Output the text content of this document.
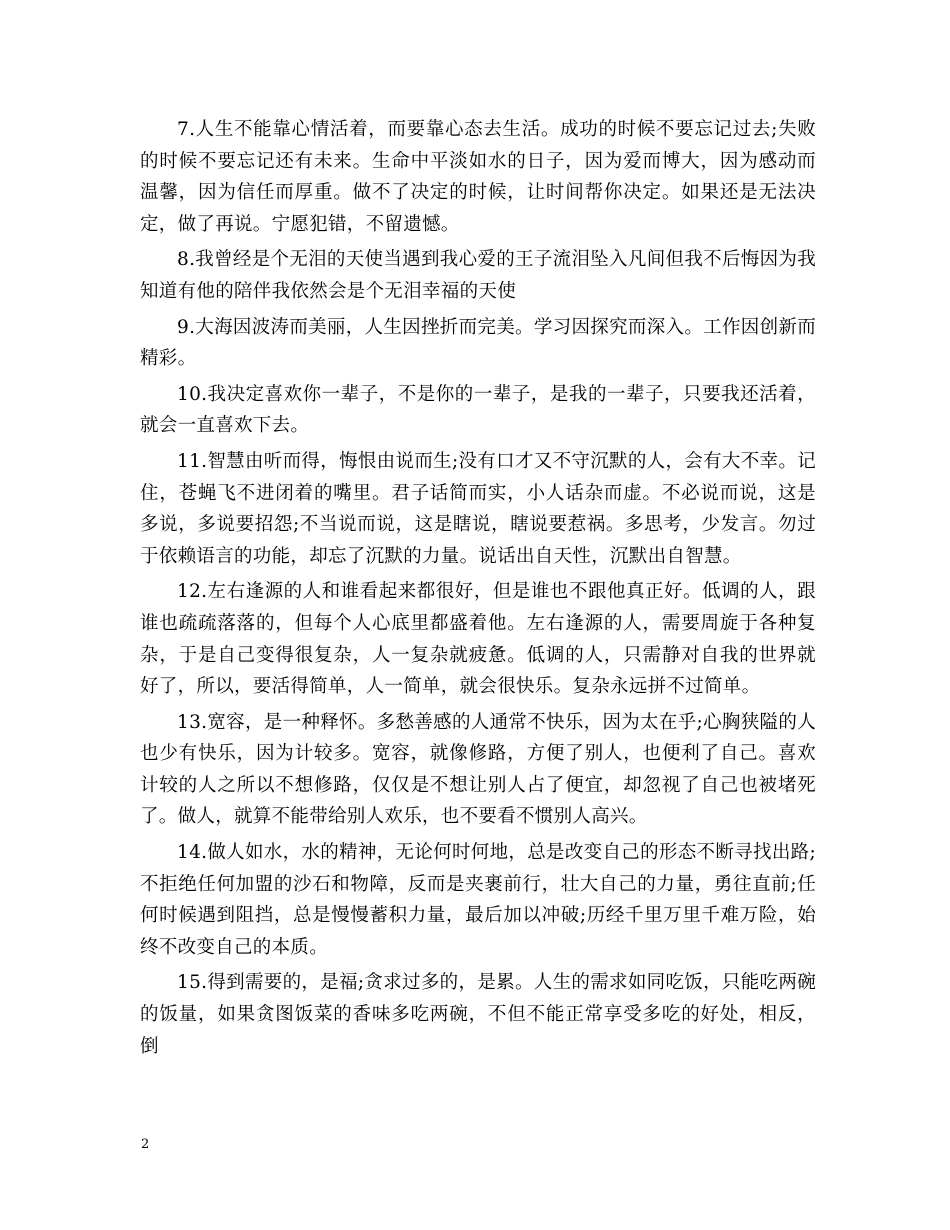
7.人生不能靠心情活着，而要靠心态去生活。成功的时候不要忘记过去;失败的时候不要忘记还有未来。生命中平淡如水的日子，因为爱而博大，因为感动而温馨，因为信任而厚重。做不了决定的时候，让时间帮你决定。如果还是无法决定，做了再说。宁愿犯错，不留遗憾。

8.我曾经是个无泪的天使当遇到我心爱的王子流泪坠入凡间但我不后悔因为我知道有他的陪伴我依然会是个无泪幸福的天使

9.大海因波涛而美丽，人生因挫折而完美。学习因探究而深入。工作因创新而精彩。

10.我决定喜欢你一辈子，不是你的一辈子，是我的一辈子，只要我还活着，就会一直喜欢下去。

11.智慧由听而得，悔恨由说而生;没有口才又不守沉默的人，会有大不幸。记住，苍蝇飞不进闭着的嘴里。君子话简而实，小人话杂而虚。不必说而说，这是多说，多说要招怨;不当说而说，这是瞎说，瞎说要惹祸。多思考，少发言。勿过于依赖语言的功能，却忘了沉默的力量。说话出自天性，沉默出自智慧。

12.左右逢源的人和谁看起来都很好，但是谁也不跟他真正好。低调的人，跟谁也疏疏落落的，但每个人心底里都盛着他。左右逢源的人，需要周旋于各种复杂，于是自己变得很复杂，人一复杂就疲惫。低调的人，只需静对自我的世界就好了，所以，要活得简单，人一简单，就会很快乐。复杂永远拼不过简单。

13.宽容，是一种释怀。多愁善感的人通常不快乐，因为太在乎;心胸狭隘的人也少有快乐，因为计较多。宽容，就像修路，方便了别人，也便利了自己。喜欢计较的人之所以不想修路，仅仅是不想让别人占了便宜，却忽视了自己也被堵死了。做人，就算不能带给别人欢乐，也不要看不惯别人高兴。

14.做人如水，水的精神，无论何时何地，总是改变自己的形态不断寻找出路;不拒绝任何加盟的沙石和物障，反而是夹裹前行，壮大自己的力量，勇往直前;任何时候遇到阻挡，总是慢慢蓄积力量，最后加以冲破;历经千里万里千难万险，始终不改变自己的本质。

15.得到需要的，是福;贪求过多的，是累。人生的需求如同吃饭，只能吃两碗的饭量，如果贪图饭菜的香味多吃两碗，不但不能正常享受多吃的好处，相反，倒

2
